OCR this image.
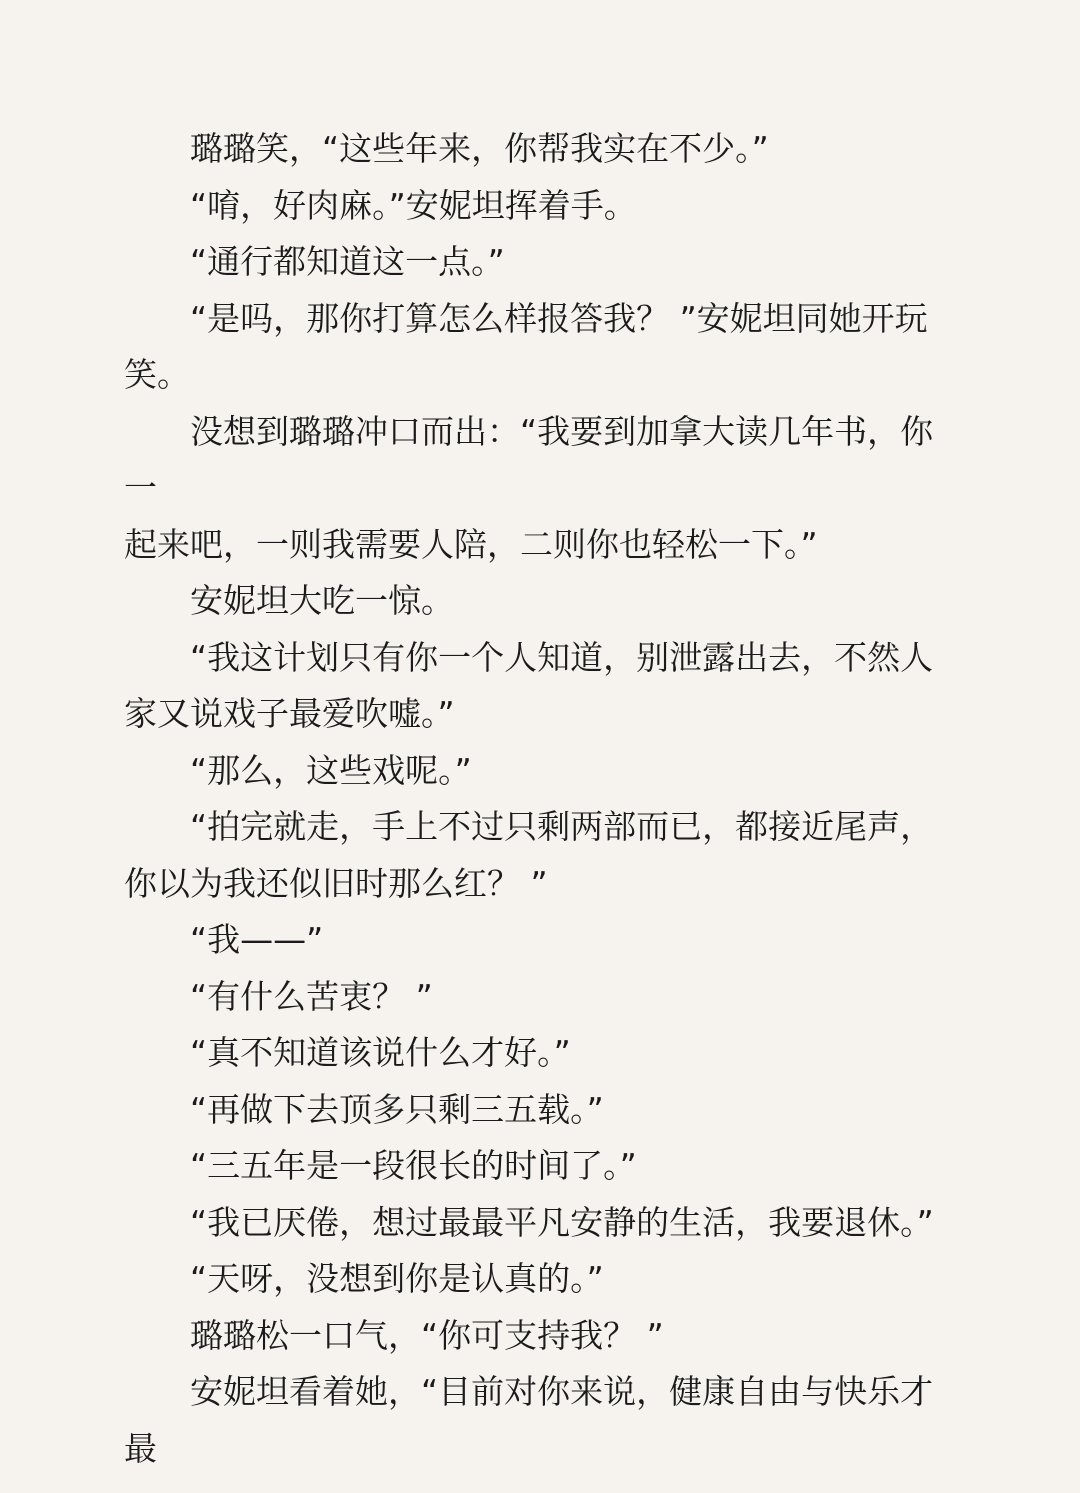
璐璐笑，“这些年来，你帮我实在不少。”

“唷，好肉麻。”安妮坦挥着手。

“通行都知道这一点。”

“是吗，那你打算怎么样报答我？ ”安妮坦同她开玩
笑。

没想到璐璐冲口而出：“我要到加拿大读几年书，你一
起来吧，一则我需要人陪，二则你也轻松一下。”

安妮坦大吃一惊。

“我这计划只有你一个人知道，别泄露出去，不然人
家又说戏子最爱吹嘘。”

“那么，这些戏呢。”

“拍完就走，手上不过只剩两部而已，都接近尾声，
你以为我还似旧时那么红？ ”

“我——”

“有什么苦衷？ ”

“真不知道该说什么才好。”

“再做下去顶多只剩三五载。”

“三五年是一段很长的时间了。”

“我已厌倦，想过最最平凡安静的生活，我要退休。”

“天呀，没想到你是认真的。”

璐璐松一口气，“你可支持我？ ”

安妮坦看着她，“目前对你来说，健康自由与快乐才最
